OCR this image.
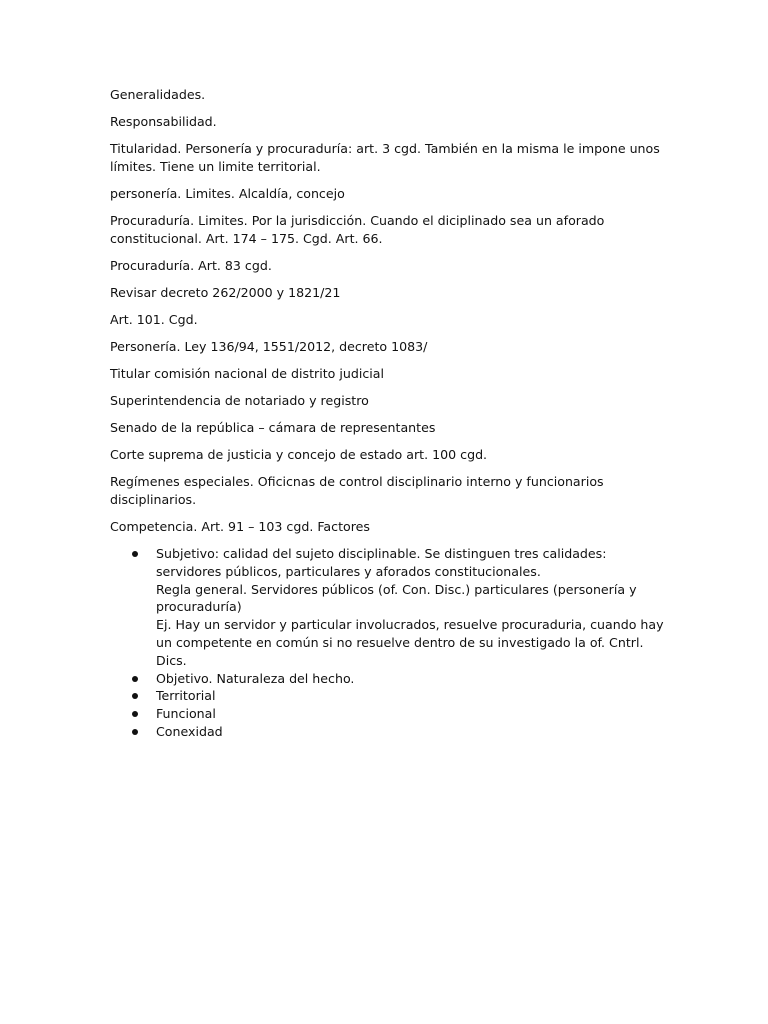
Generalidades.

Responsabilidad.

Titularidad. Personería y procuraduría: art. 3 cgd. También en la misma le impone unos límites. Tiene un limite territorial.

personería. Limites. Alcaldía, concejo

Procuraduría. Limites. Por la jurisdicción. Cuando el diciplinado sea un aforado constitucional. Art. 174 – 175. Cgd. Art. 66.

Procuraduría. Art. 83 cgd.

Revisar decreto 262/2000 y 1821/21

Art. 101. Cgd.

Personería. Ley 136/94, 1551/2012, decreto 1083/

Titular comisión nacional de distrito judicial

Superintendencia de notariado y registro

Senado de la república – cámara de representantes

Corte suprema de justicia y concejo de estado art. 100 cgd.

Regímenes especiales. Oficicnas de control disciplinario interno y funcionarios disciplinarios.

Competencia. Art. 91 – 103 cgd. Factores

Subjetivo: calidad del sujeto disciplinable. Se distinguen tres calidades: servidores públicos, particulares y aforados constitucionales.
Regla general. Servidores públicos (of. Con. Disc.) particulares (personería y procuraduría)
Ej. Hay un servidor y particular involucrados, resuelve procuraduria, cuando hay un competente en común si no resuelve dentro de su investigado la of. Cntrl. Dics.
Objetivo. Naturaleza del hecho.
Territorial
Funcional
Conexidad
